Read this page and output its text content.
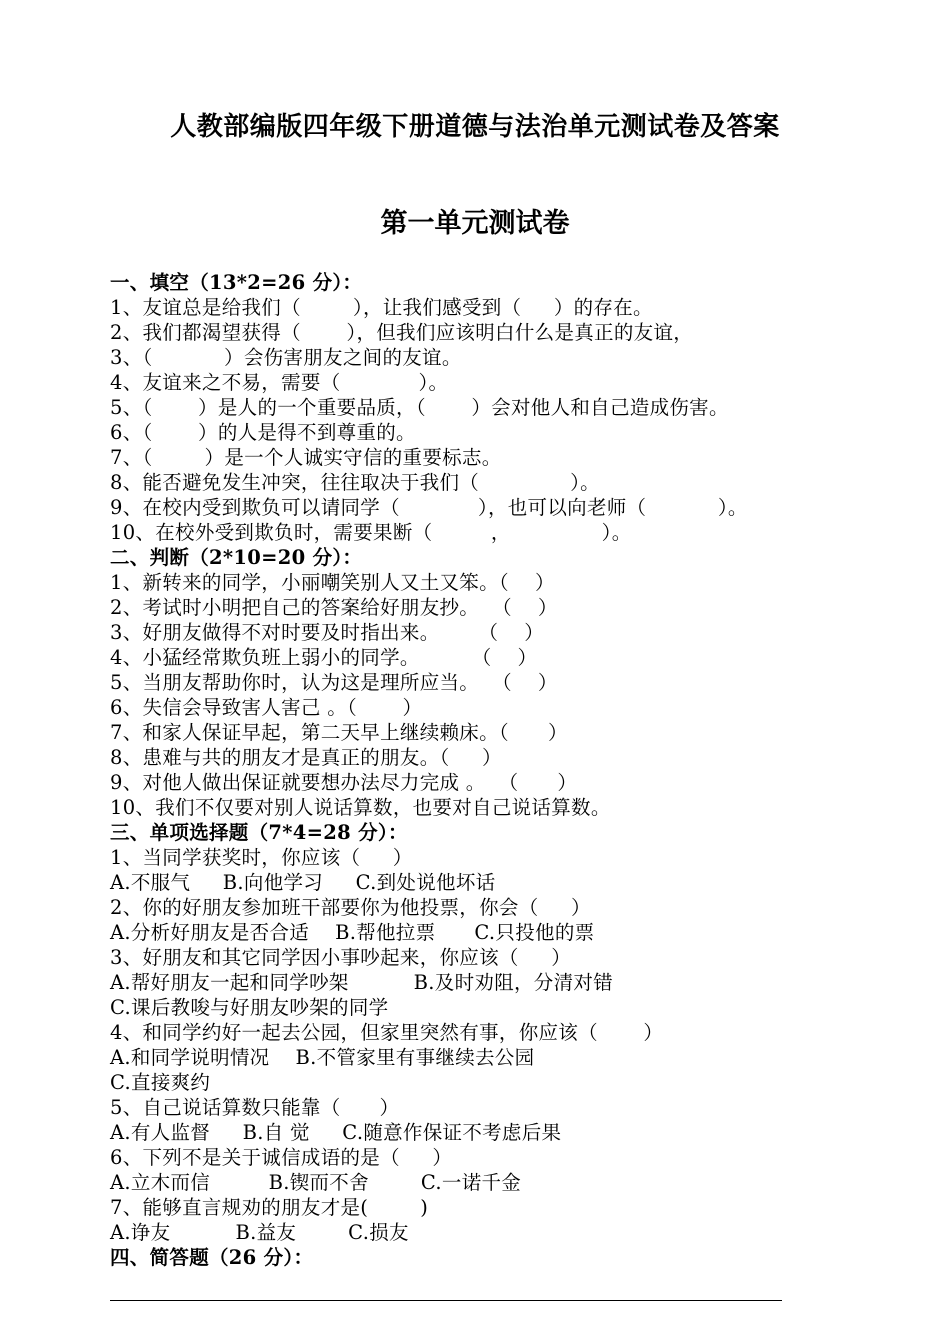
人教部编版四年级下册道德与法治单元测试卷及答案
第一单元测试卷
一、填空（13*2=26 分）：
1、友谊总是给我们（        ），让我们感受到（     ）的存在。
2、我们都渴望获得（       ），但我们应该明白什么是真正的友谊，
3、（           ）会伤害朋友之间的友谊。
4、友谊来之不易，需要（            ）。
5、（       ）是人的一个重要品质，（       ）会对他人和自己造成伤害。
6、（       ）的人是得不到尊重的。
7、（        ）是一个人诚实守信的重要标志。
8、能否避免发生冲突，往往取决于我们（              ）。
9、在校内受到欺负可以请同学（            ），也可以向老师（           ）。
10、在校外受到欺负时，需要果断（         ，              ）。
二、判断（2*10=20 分）：
1、新转来的同学，小丽嘲笑别人又土又笨。（    ）
2、考试时小明把自己的答案给好朋友抄。  （    ）
3、好朋友做得不对时要及时指出来。      （    ）
4、小猛经常欺负班上弱小的同学。        （    ）
5、当朋友帮助你时，认为这是理所应当。  （    ）
6、失信会导致害人害己 。（       ）
7、和家人保证早起，第二天早上继续赖床。（      ）
8、患难与共的朋友才是真正的朋友。（     ）
9、对他人做出保证就要想办法尽力完成 。  （      ）
10、我们不仅要对别人说话算数，也要对自己说话算数。
三、单项选择题（7*4=28 分）：
1、当同学获奖时，你应该（     ）
A.不服气     B.向他学习     C.到处说他坏话
2、你的好朋友参加班干部要你为他投票，你会（     ）
A.分析好朋友是否合适    B.帮他拉票      C.只投他的票
3、好朋友和其它同学因小事吵起来，你应该（     ）
A.帮好朋友一起和同学吵架          B.及时劝阻，分清对错
C.课后教唆与好朋友吵架的同学
4、和同学约好一起去公园，但家里突然有事，你应该（       ）
A.和同学说明情况    B.不管家里有事继续去公园
C.直接爽约
5、自己说话算数只能靠（      ）
A.有人监督     B.自 觉     C.随意作保证不考虑后果
6、下列不是关于诚信成语的是（     ）
A.立木而信         B.锲而不舍        C.一诺千金
7、能够直言规劝的朋友才是(        )
A.诤友          B.益友        C.损友
四、简答题（26 分）：
